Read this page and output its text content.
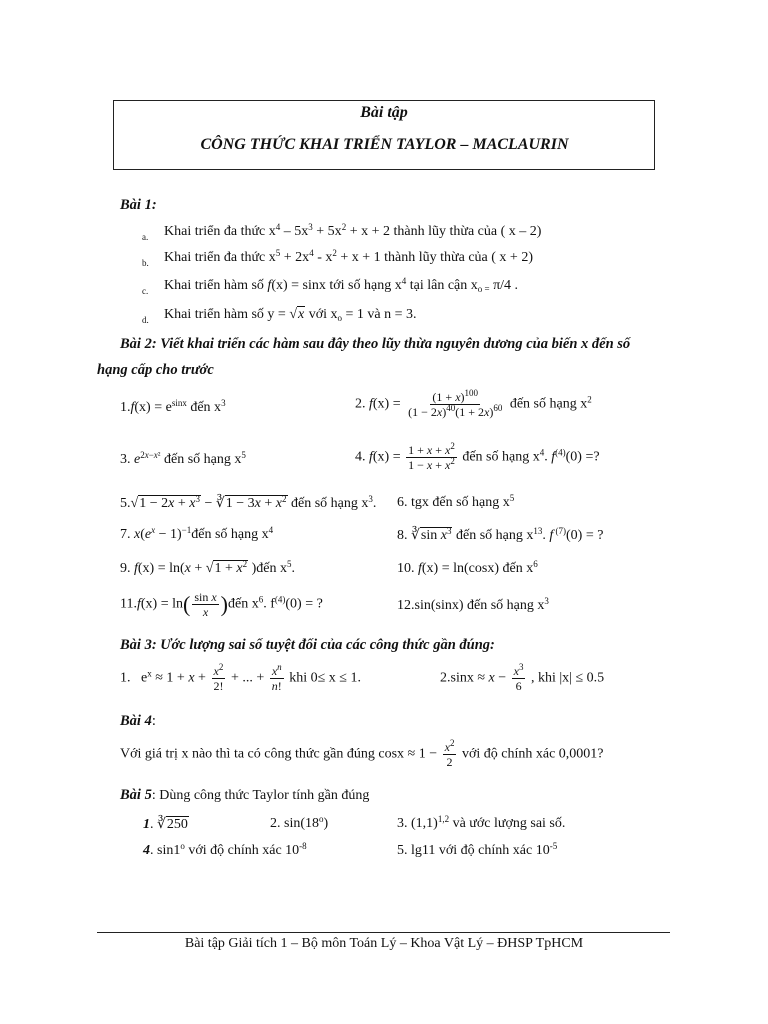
Bài tập
CÔNG THỨC KHAI TRIỂN TAYLOR – MACLAURIN
Bài 1:
a. Khai triển đa thức $x^4 - 5x^3 + 5x^2 + x + 2$ thành lũy thừa của ( x – 2)
b. Khai triển đa thức $x^5 + 2x^4 - x^2 + x + 1$ thành lũy thừa của ( x + 2)
c. Khai triển hàm số f(x) = sinx tới số hạng $x^4$ tại lân cận $x_{o =}$ π/4 .
d. Khai triển hàm số y = √x với $x_o = 1$ và n = 3.
Bài 2: Viết khai triển các hàm sau đây theo lũy thừa nguyên dương của biến x đến số
hạng cấp cho trước
$1.f(x) = e^{sinx}$ đến $x^3$	2. $f(x) = \frac{(1 + x)^{100}}{(1 - 2x)^{40}(1 + 2x)^{60}}$ đến số hạng $x^2$
3. $e^{2x-x^2}$ đến số hạng $x^5$	4. $f(x) = \frac{1 + x + x^2}{1 - x + x^2}$ đến số hạng $x^4$. $f^{(4)}(0)$ =?
$5.√1 - 2x + x^3$ − ∛1 − $3x + x^2$ đến số hạng $x^3$. 6. tgx đến số hạng $x^5$
7. $x(e^x$ − $1)^{-1}đến$ số hạng $x^4$	8. ∛sin $x^3$ đến số hạng $x^{13}$. f $^{(7)}$(0) = ?
9. $f(x) = \ln(x + √1 + x^2$ )đến $x^5$.	10. f(x) = ln(cosx) đến $x^6$
$11.f(x) = \ln( \frac{\text{sin x}}{x}$ )đến $x^6$. $f^{(4)}(0)$ = ?	12.sin(sinx) đến số hạng $x^3$
Bài 3: Ước lượng sai số tuyệt đối của các công thức gần đúng:
1.   $e^x \approx 1 + x + \frac{x^2}{2!}$ + ... + $\frac{x^n}{n!}$ khi 0≤ x ≤ 1.	$2.\sin x \approx x - \frac{x^3}{6}$ , khi |x| ≤ 0.5
Bài 4:
Với giá trị x nào thì ta có công thức gần đúng $\cos x \approx 1 - \frac{x^2}{2}$ với độ chính xác 0,0001?
Bài 5: Dùng công thức Taylor tính gần đúng
1. ∛250	2. sin(18$^o$)	3. $(1,1)^{1,2}$ và ước lượng sai số.
4. sin1$^o$ với độ chính xác $10^{-8}$	5. lg11 với độ chính xác $10^{-5}$
Bài tập Giải tích 1 – Bộ môn Toán Lý – Khoa Vật Lý – ĐHSP TpHCM
